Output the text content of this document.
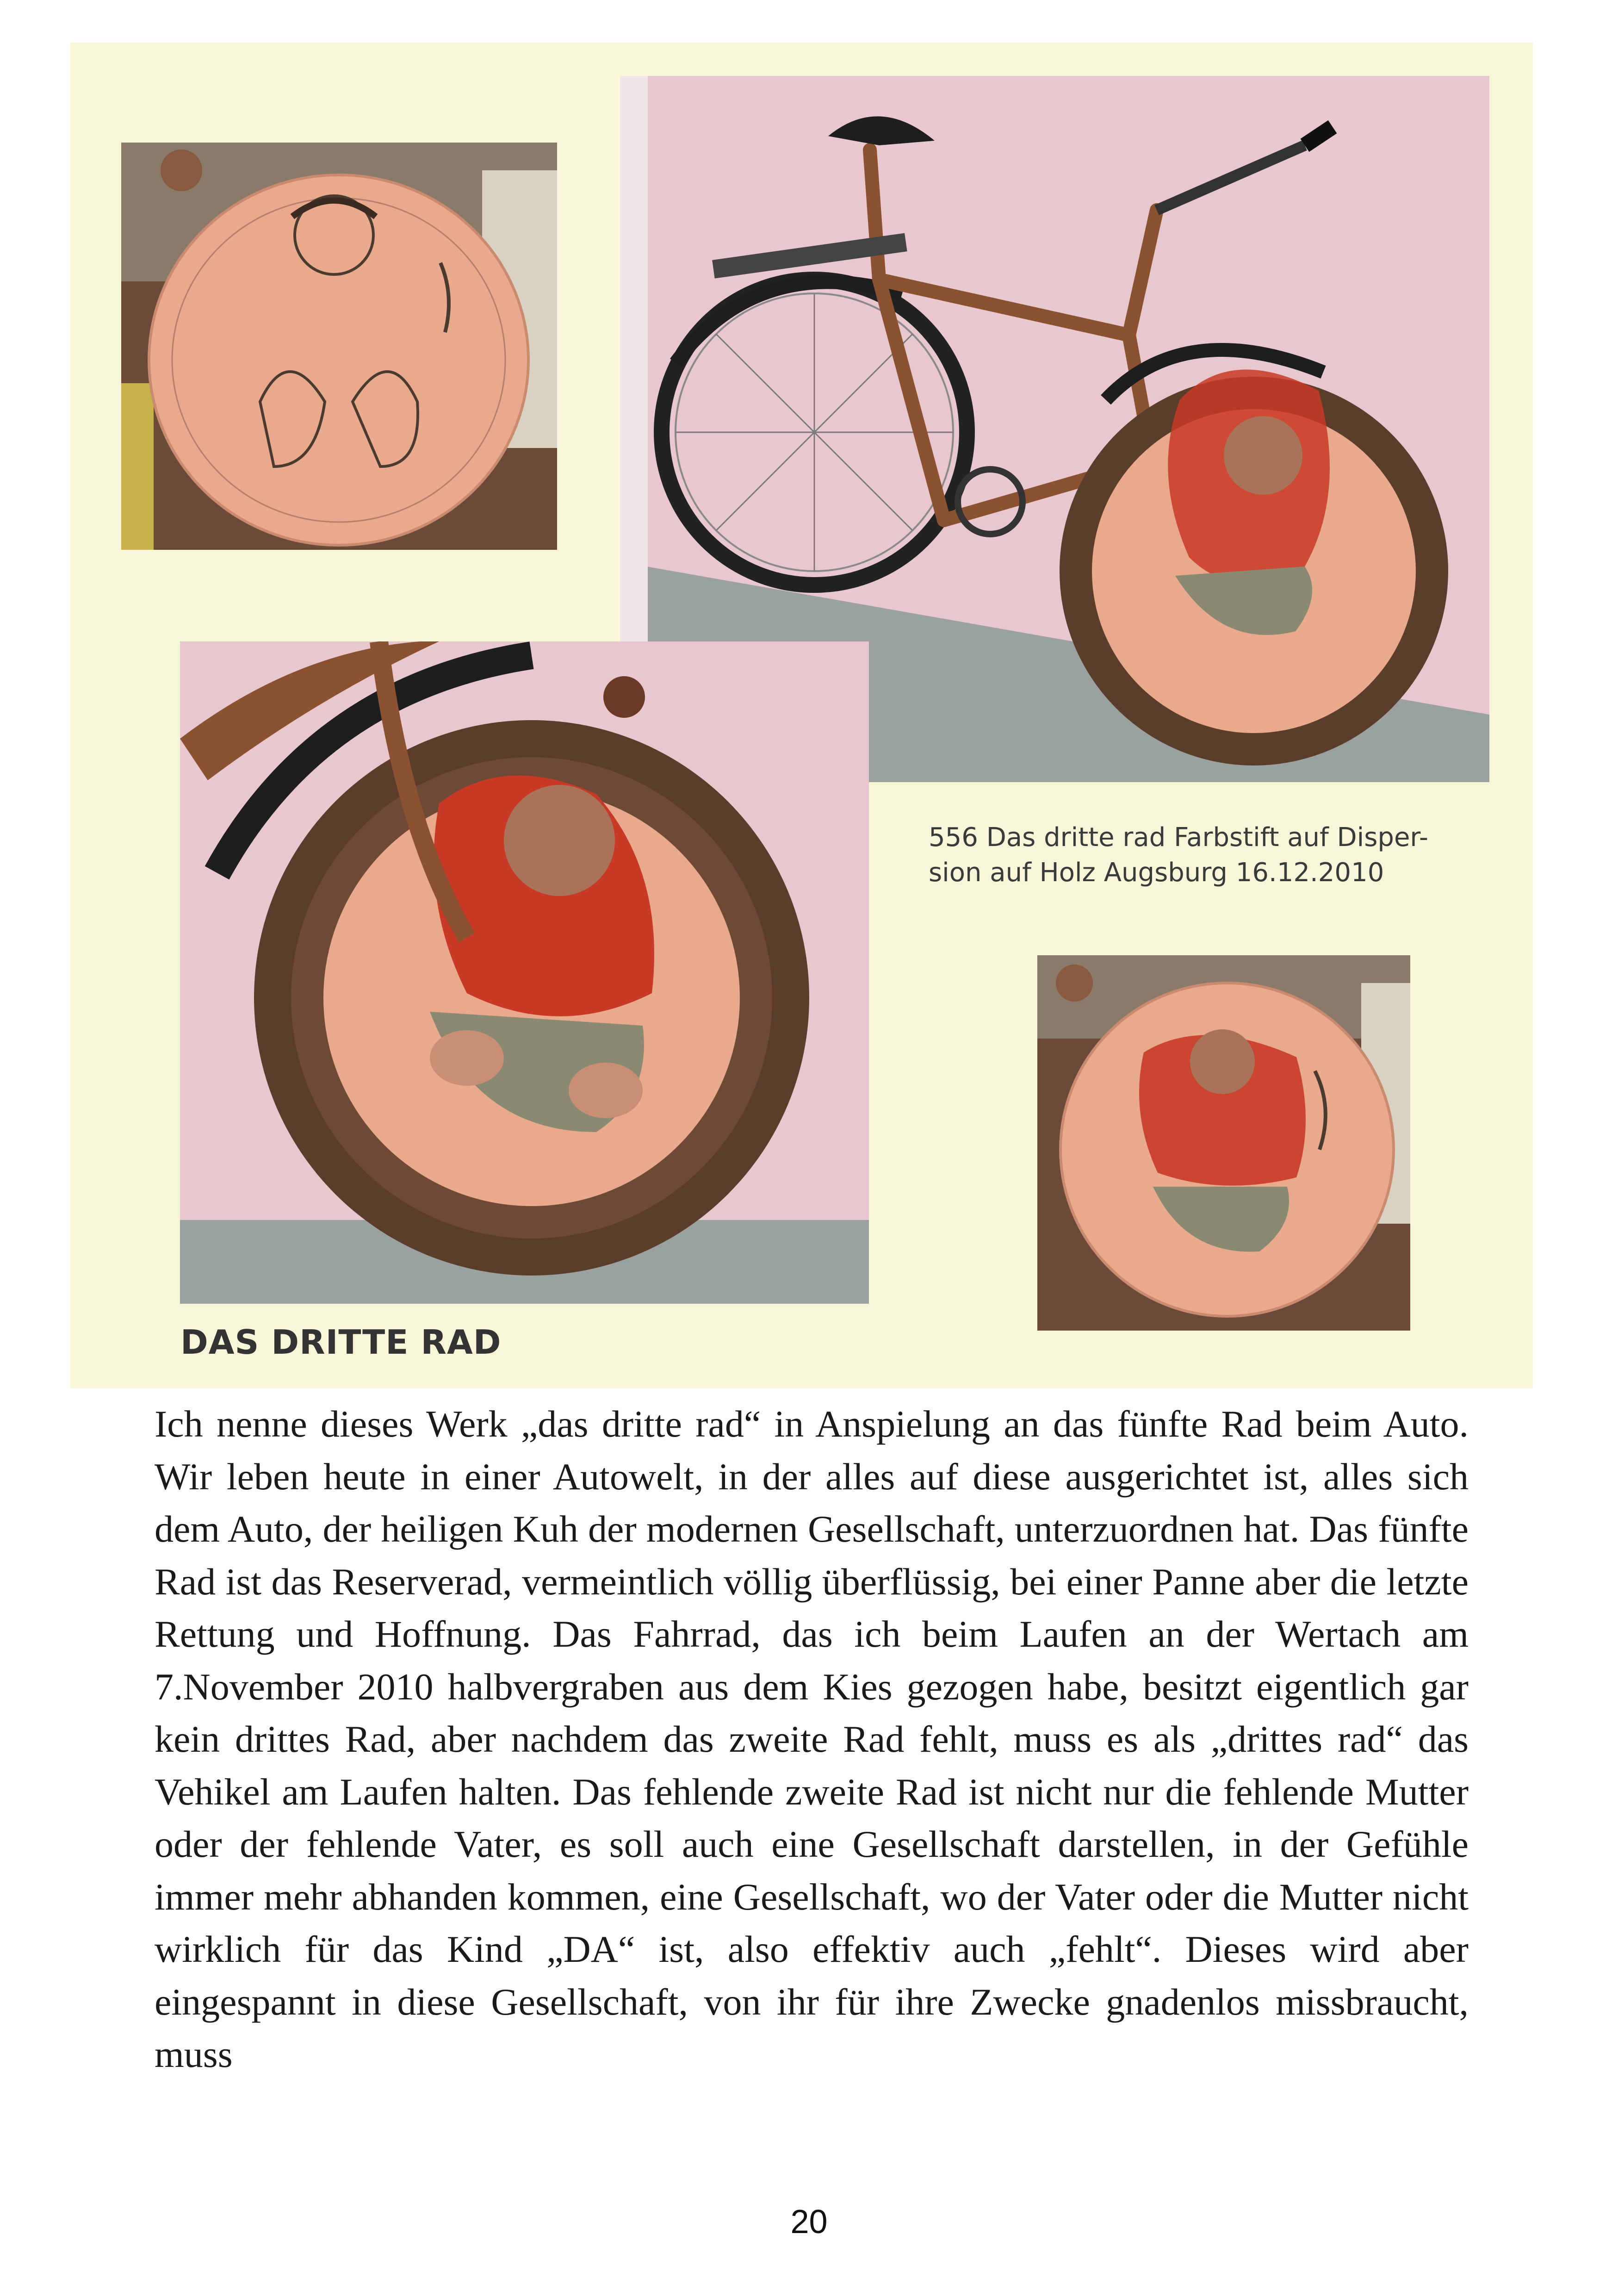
556 Das dritte rad Farbstift auf Disper-
sion auf Holz Augsburg 16.12.2010
DAS DRITTE RAD
Ich nenne dieses Werk „das dritte rad“ in Anspielung an das fünfte Rad beim Auto. Wir leben heute in einer Autowelt, in der alles auf diese ausgerichtet ist, alles sich dem Auto, der heiligen Kuh der modernen Gesellschaft, unterzuordnen hat. Das fünfte Rad ist das Reserverad, vermeintlich völlig überflüssig, bei einer Panne aber die letzte Rettung und Hoffnung. Das Fahrrad, das ich beim Laufen an der Wertach am 7.November 2010 halbvergraben aus dem Kies gezogen habe, besitzt eigentlich gar kein drittes Rad, aber nachdem das zweite Rad fehlt, muss es als „drittes rad“ das Vehikel am Laufen halten. Das fehlende zweite Rad ist nicht nur die fehlende Mutter oder der fehlende Vater, es soll auch eine Gesellschaft darstellen, in der Gefühle immer mehr abhanden kommen, eine Gesellschaft, wo der Vater oder die Mutter nicht wirklich für das Kind „DA“ ist, also effektiv auch „fehlt“. Dieses wird aber eingespannt in diese Gesellschaft, von ihr für ihre Zwecke gnadenlos missbraucht, muss
20
